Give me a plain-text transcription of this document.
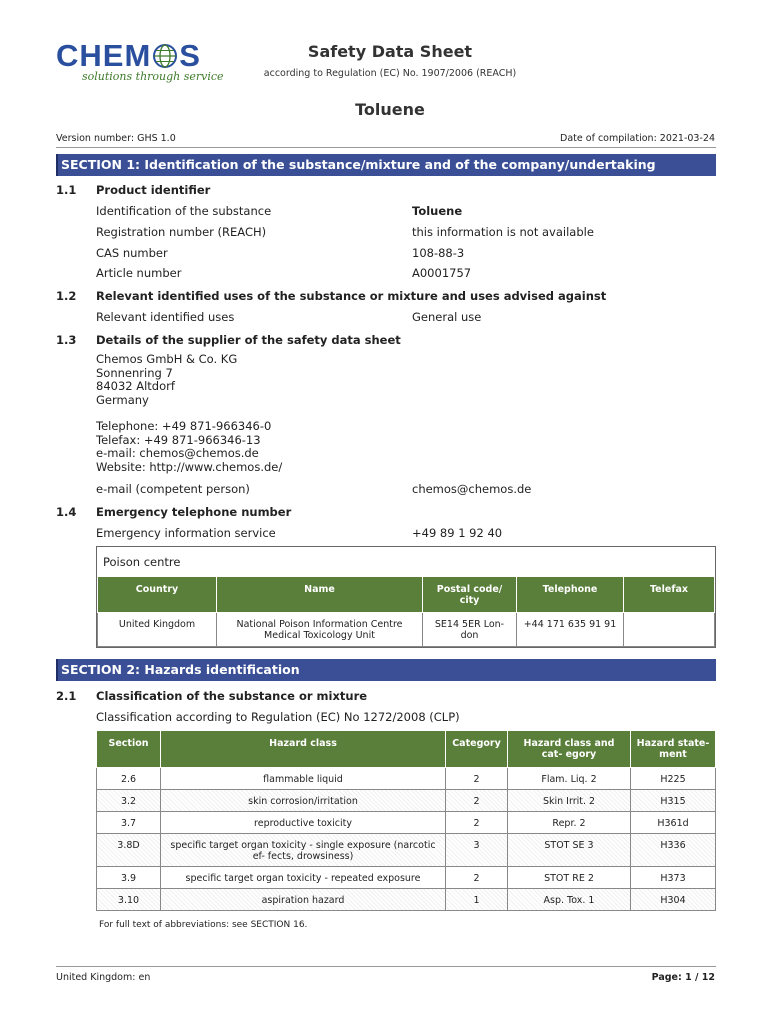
CHEM S
solutions through service
Safety Data Sheet
according to Regulation (EC) No. 1907/2006 (REACH)
Toluene
Version number: GHS 1.0	Date of compilation: 2021-03-24
SECTION 1: Identification of the substance/mixture and of the company/undertaking
1.1 Product identifier
Identification of the substance	Toluene
Registration number (REACH)	this information is not available
CAS number	108-88-3
Article number	A0001757
1.2 Relevant identified uses of the substance or mixture and uses advised against
Relevant identified uses	General use
1.3 Details of the supplier of the safety data sheet
Chemos GmbH & Co. KG
Sonnenring 7
84032 Altdorf
Germany
Telephone: +49 871-966346-0
Telefax: +49 871-966346-13
e-mail: chemos@chemos.de
Website: http://www.chemos.de/
e-mail (competent person)	chemos@chemos.de
1.4 Emergency telephone number
Emergency information service	+49 89 1 92 40
Poison centre
Country	Name	Postal code/ city	Telephone	Telefax
United Kingdom	National Poison Information Centre Medical Toxicology Unit	SE14 5ER Lon- don	+44 171 635 91 91	
SECTION 2: Hazards identification
2.1 Classification of the substance or mixture
Classification according to Regulation (EC) No 1272/2008 (CLP)
Section	Hazard class	Category	Hazard class and cat- egory	Hazard state- ment
2.6	flammable liquid	2	Flam. Liq. 2	H225
3.2	skin corrosion/irritation	2	Skin Irrit. 2	H315
3.7	reproductive toxicity	2	Repr. 2	H361d
3.8D	specific target organ toxicity - single exposure (narcotic ef- fects, drowsiness)	3	STOT SE 3	H336
3.9	specific target organ toxicity - repeated exposure	2	STOT RE 2	H373
3.10	aspiration hazard	1	Asp. Tox. 1	H304
For full text of abbreviations: see SECTION 16.
United Kingdom: en	Page: 1 / 12
